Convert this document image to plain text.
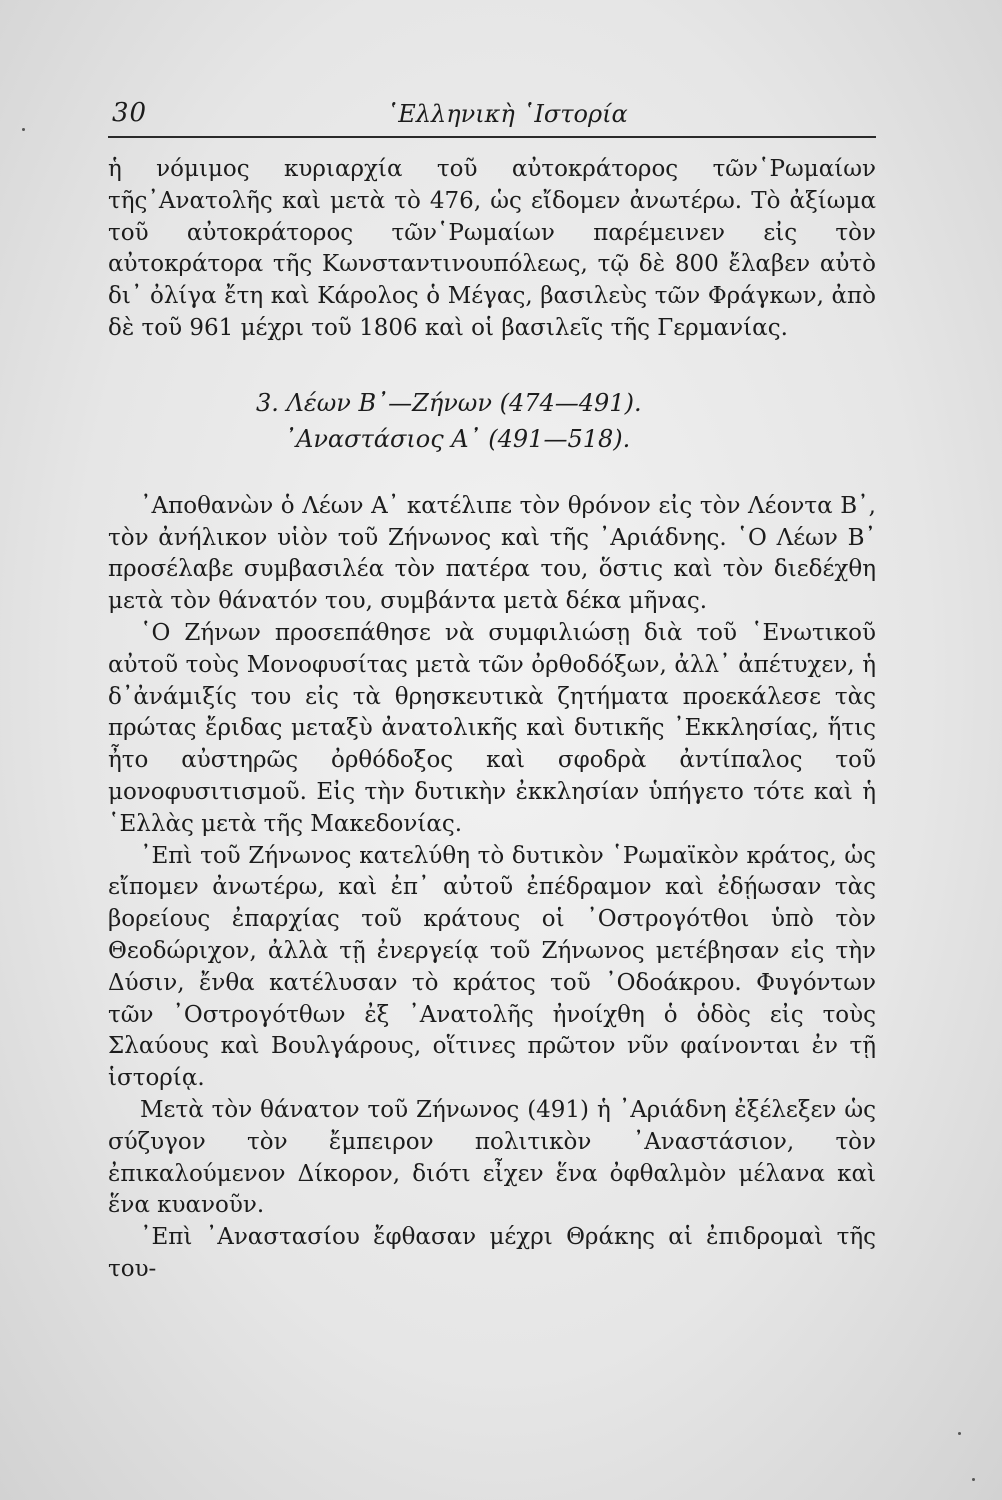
30	῾Ελληνικὴ ῾Ιστορία

ἡ νόμιμος κυριαρχία τοῦ αὐτοκράτορος τῶν῾Ρωμαίων τῆς᾿Ανατολῆς καὶ μετὰ τὸ 476, ὡς εἴδομεν ἀνωτέρω. Τὸ ἀξίωμα τοῦ αὐτοκράτορος τῶν῾Ρωμαίων παρέμεινεν εἰς τὸν αὐτοκράτορα τῆς Κωνσταντινουπόλεως, τῷ δὲ 800 ἔλαβεν αὐτὸ δι᾿ ὀλίγα ἔτη καὶ Κάρολος ὁ Μέγας, βασιλεὺς τῶν Φράγκων, ἀπὸ δὲ τοῦ 961 μέχρι τοῦ 1806 καὶ οἱ βασιλεῖς τῆς Γερμανίας.

3. Λέων Β᾿—Ζήνων (474—491).
᾿Αναστάσιος Α᾿ (491—518).

᾿Αποθανὼν ὁ Λέων Α᾿ κατέλιπε τὸν θρόνον εἰς τὸν Λέοντα Β᾿, τὸν ἀνήλικον υἱὸν τοῦ Ζήνωνος καὶ τῆς ᾿Αριάδνης. ῾Ο Λέων Β᾿ προσέλαβε συμβασιλέα τὸν πατέρα του, ὅστις καὶ τὸν διεδέχθη μετὰ τὸν θάνατόν του, συμβάντα μετὰ δέκα μῆνας.

῾Ο Ζήνων προσεπάθησε νὰ συμφιλιώσῃ διὰ τοῦ ῾Ενωτικοῦ αὐτοῦ τοὺς Μονοφυσίτας μετὰ τῶν ὀρθοδόξων, ἀλλ᾿ ἀπέτυχεν, ἡ δ᾿ἀνάμιξίς του εἰς τὰ θρησκευτικὰ ζητήματα προεκάλεσε τὰς πρώτας ἔριδας μεταξὺ ἀνατολικῆς καὶ δυτικῆς ᾿Εκκλησίας, ἥτις ἦτο αὐστηρῶς ὀρθόδοξος καὶ σφοδρὰ ἀντίπαλος τοῦ μονοφυσιτισμοῦ. Εἰς τὴν δυτικὴν ἐκκλησίαν ὑπήγετο τότε καὶ ἡ ῾Ελλὰς μετὰ τῆς Μακεδονίας.

᾿Επὶ τοῦ Ζήνωνος κατελύθη τὸ δυτικὸν ῾Ρωμαϊκὸν κράτος, ὡς εἴπομεν ἀνωτέρω, καὶ ἐπ᾿ αὐτοῦ ἐπέδραμον καὶ ἐδῄωσαν τὰς βορείους ἐπαρχίας τοῦ κράτους οἱ ᾿Οστρογότθοι ὑπὸ τὸν Θεοδώριχον, ἀλλὰ τῇ ἐνεργείᾳ τοῦ Ζήνωνος μετέβησαν εἰς τὴν Δύσιν, ἔνθα κατέλυσαν τὸ κράτος τοῦ ᾿Οδοάκρου. Φυγόντων τῶν ᾿Οστρογότθων ἐξ ᾿Ανατολῆς ἠνοίχθη ὁ ὁδὸς εἰς τοὺς Σλαύους καὶ Βουλγάρους, οἵτινες πρῶτον νῦν φαίνονται ἐν τῇ ἱστορίᾳ.

Μετὰ τὸν θάνατον τοῦ Ζήνωνος (491) ἡ ᾿Αριάδνη ἐξέλεξεν ὡς σύζυγον τὸν ἔμπειρον πολιτικὸν ᾿Αναστάσιον, τὸν ἐπικαλούμενον Δίκορον, διότι εἶχεν ἕνα ὀφθαλμὸν μέλανα καὶ ἕνα κυανοῦν.

᾿Επὶ ᾿Αναστασίου ἔφθασαν μέχρι Θράκης αἱ ἐπιδρομαὶ τῆς του-
